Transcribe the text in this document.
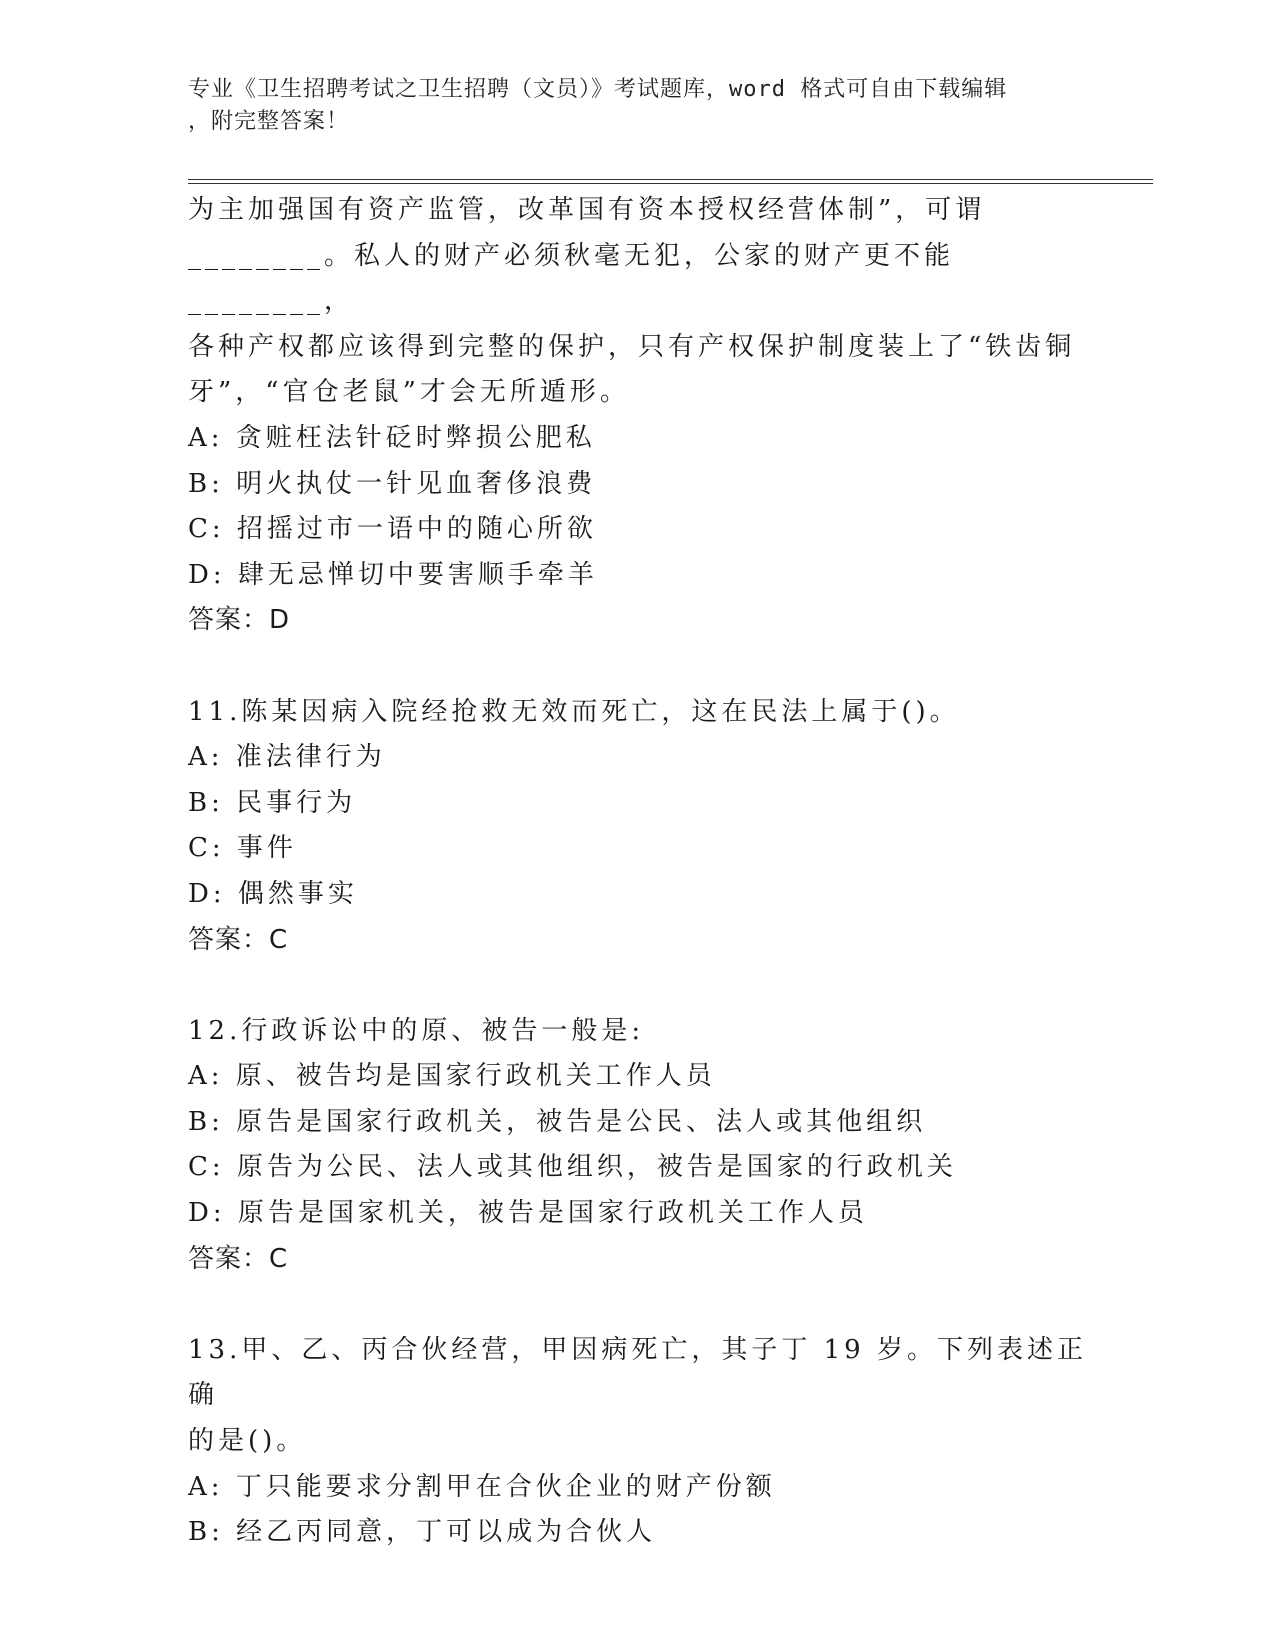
专业《卫生招聘考试之卫生招聘（文员）》考试题库，word 格式可自由下载编辑
，附完整答案！

为主加强国有资产监管，改革国有资本授权经营体制”，可谓

________。私人的财产必须秋毫无犯，公家的财产更不能________，

各种产权都应该得到完整的保护，只有产权保护制度装上了“铁齿铜

牙”，“官仓老鼠”才会无所遁形。

A: 贪赃枉法针砭时弊损公肥私

B: 明火执仗一针见血奢侈浪费

C: 招摇过市一语中的随心所欲

D: 肆无忌惮切中要害顺手牵羊

答案：D

11.陈某因病入院经抢救无效而死亡，这在民法上属于()。

A: 准法律行为

B: 民事行为

C: 事件

D: 偶然事实

答案：C

12.行政诉讼中的原、被告一般是:

A: 原、被告均是国家行政机关工作人员

B: 原告是国家行政机关，被告是公民、法人或其他组织

C: 原告为公民、法人或其他组织，被告是国家的行政机关

D: 原告是国家机关，被告是国家行政机关工作人员

答案：C

13.甲、乙、丙合伙经营，甲因病死亡，其子丁 19 岁。下列表述正确

的是()。

A: 丁只能要求分割甲在合伙企业的财产份额

B: 经乙丙同意，丁可以成为合伙人
